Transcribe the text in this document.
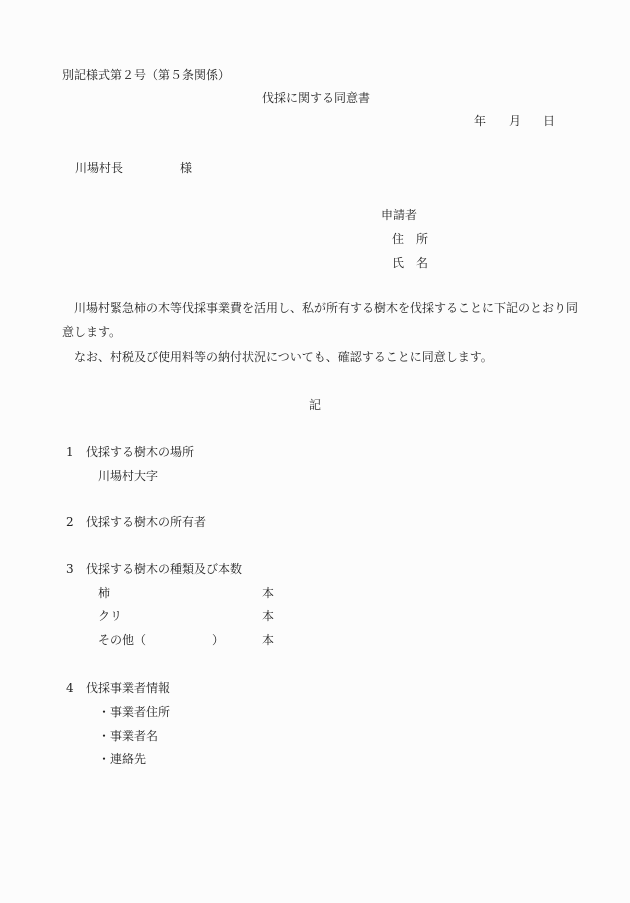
別記様式第２号（第５条関係）
伐採に関する同意書
年 月 日
川場村長	様
申請者
住　所
氏　名
川場村緊急柿の木等伐採事業費を活用し、私が所有する樹木を伐採することに下記のとおり同
意します。
なお、村税及び使用料等の納付状況についても、確認することに同意します。
記
1 伐採する樹木の場所
川場村大字
2 伐採する樹木の所有者
3 伐採する樹木の種類及び本数
柿	本
クリ	本
その他（	）	本
4 伐採事業者情報
・事業者住所
・事業者名
・連絡先
